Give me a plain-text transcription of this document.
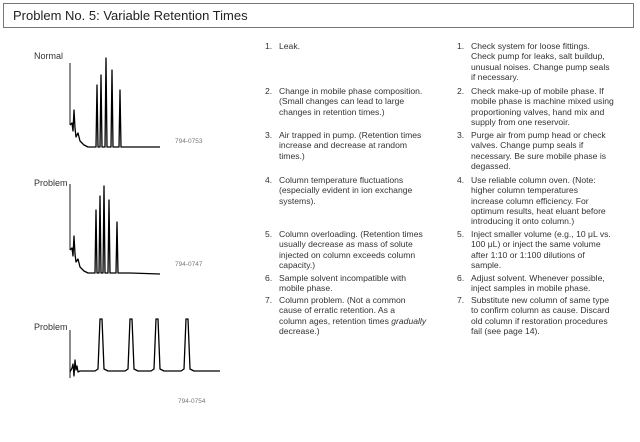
Problem No. 5: Variable Retention Times
Normal
794-0753
Problem
794-0747
Problem
794-0754
1. Leak.
2. Change in mobile phase composition.
(Small changes can lead to large
changes in retention times.)
3. Air trapped in pump. (Retention times
increase and decrease at random
times.)
4. Column temperature fluctuations
(especially evident in ion exchange
systems).
5. Column overloading. (Retention times
usually decrease as mass of solute
injected on column exceeds column
capacity.)
6. Sample solvent incompatible with
mobile phase.
7. Column problem. (Not a common
cause of erratic retention. As a
column ages, retention times gradually
decrease.)
1. Check system for loose fittings.
Check pump for leaks, salt buildup,
unusual noises. Change pump seals
if necessary.
2. Check make-up of mobile phase. If
mobile phase is machine mixed using
proportioning valves, hand mix and
supply from one reservoir.
3. Purge air from pump head or check
valves. Change pump seals if
necessary. Be sure mobile phase is
degassed.
4. Use reliable column oven. (Note:
higher column temperatures
increase column efficiency. For
optimum results, heat eluant before
introducing it onto column.)
5. Inject smaller volume (e.g., 10 μL vs.
100 μL) or inject the same volume
after 1:10 or 1:100 dilutions of
sample.
6. Adjust solvent. Whenever possible,
inject samples in mobile phase.
7. Substitute new column of same type
to confirm column as cause. Discard
old column if restoration procedures
fail (see page 14).
